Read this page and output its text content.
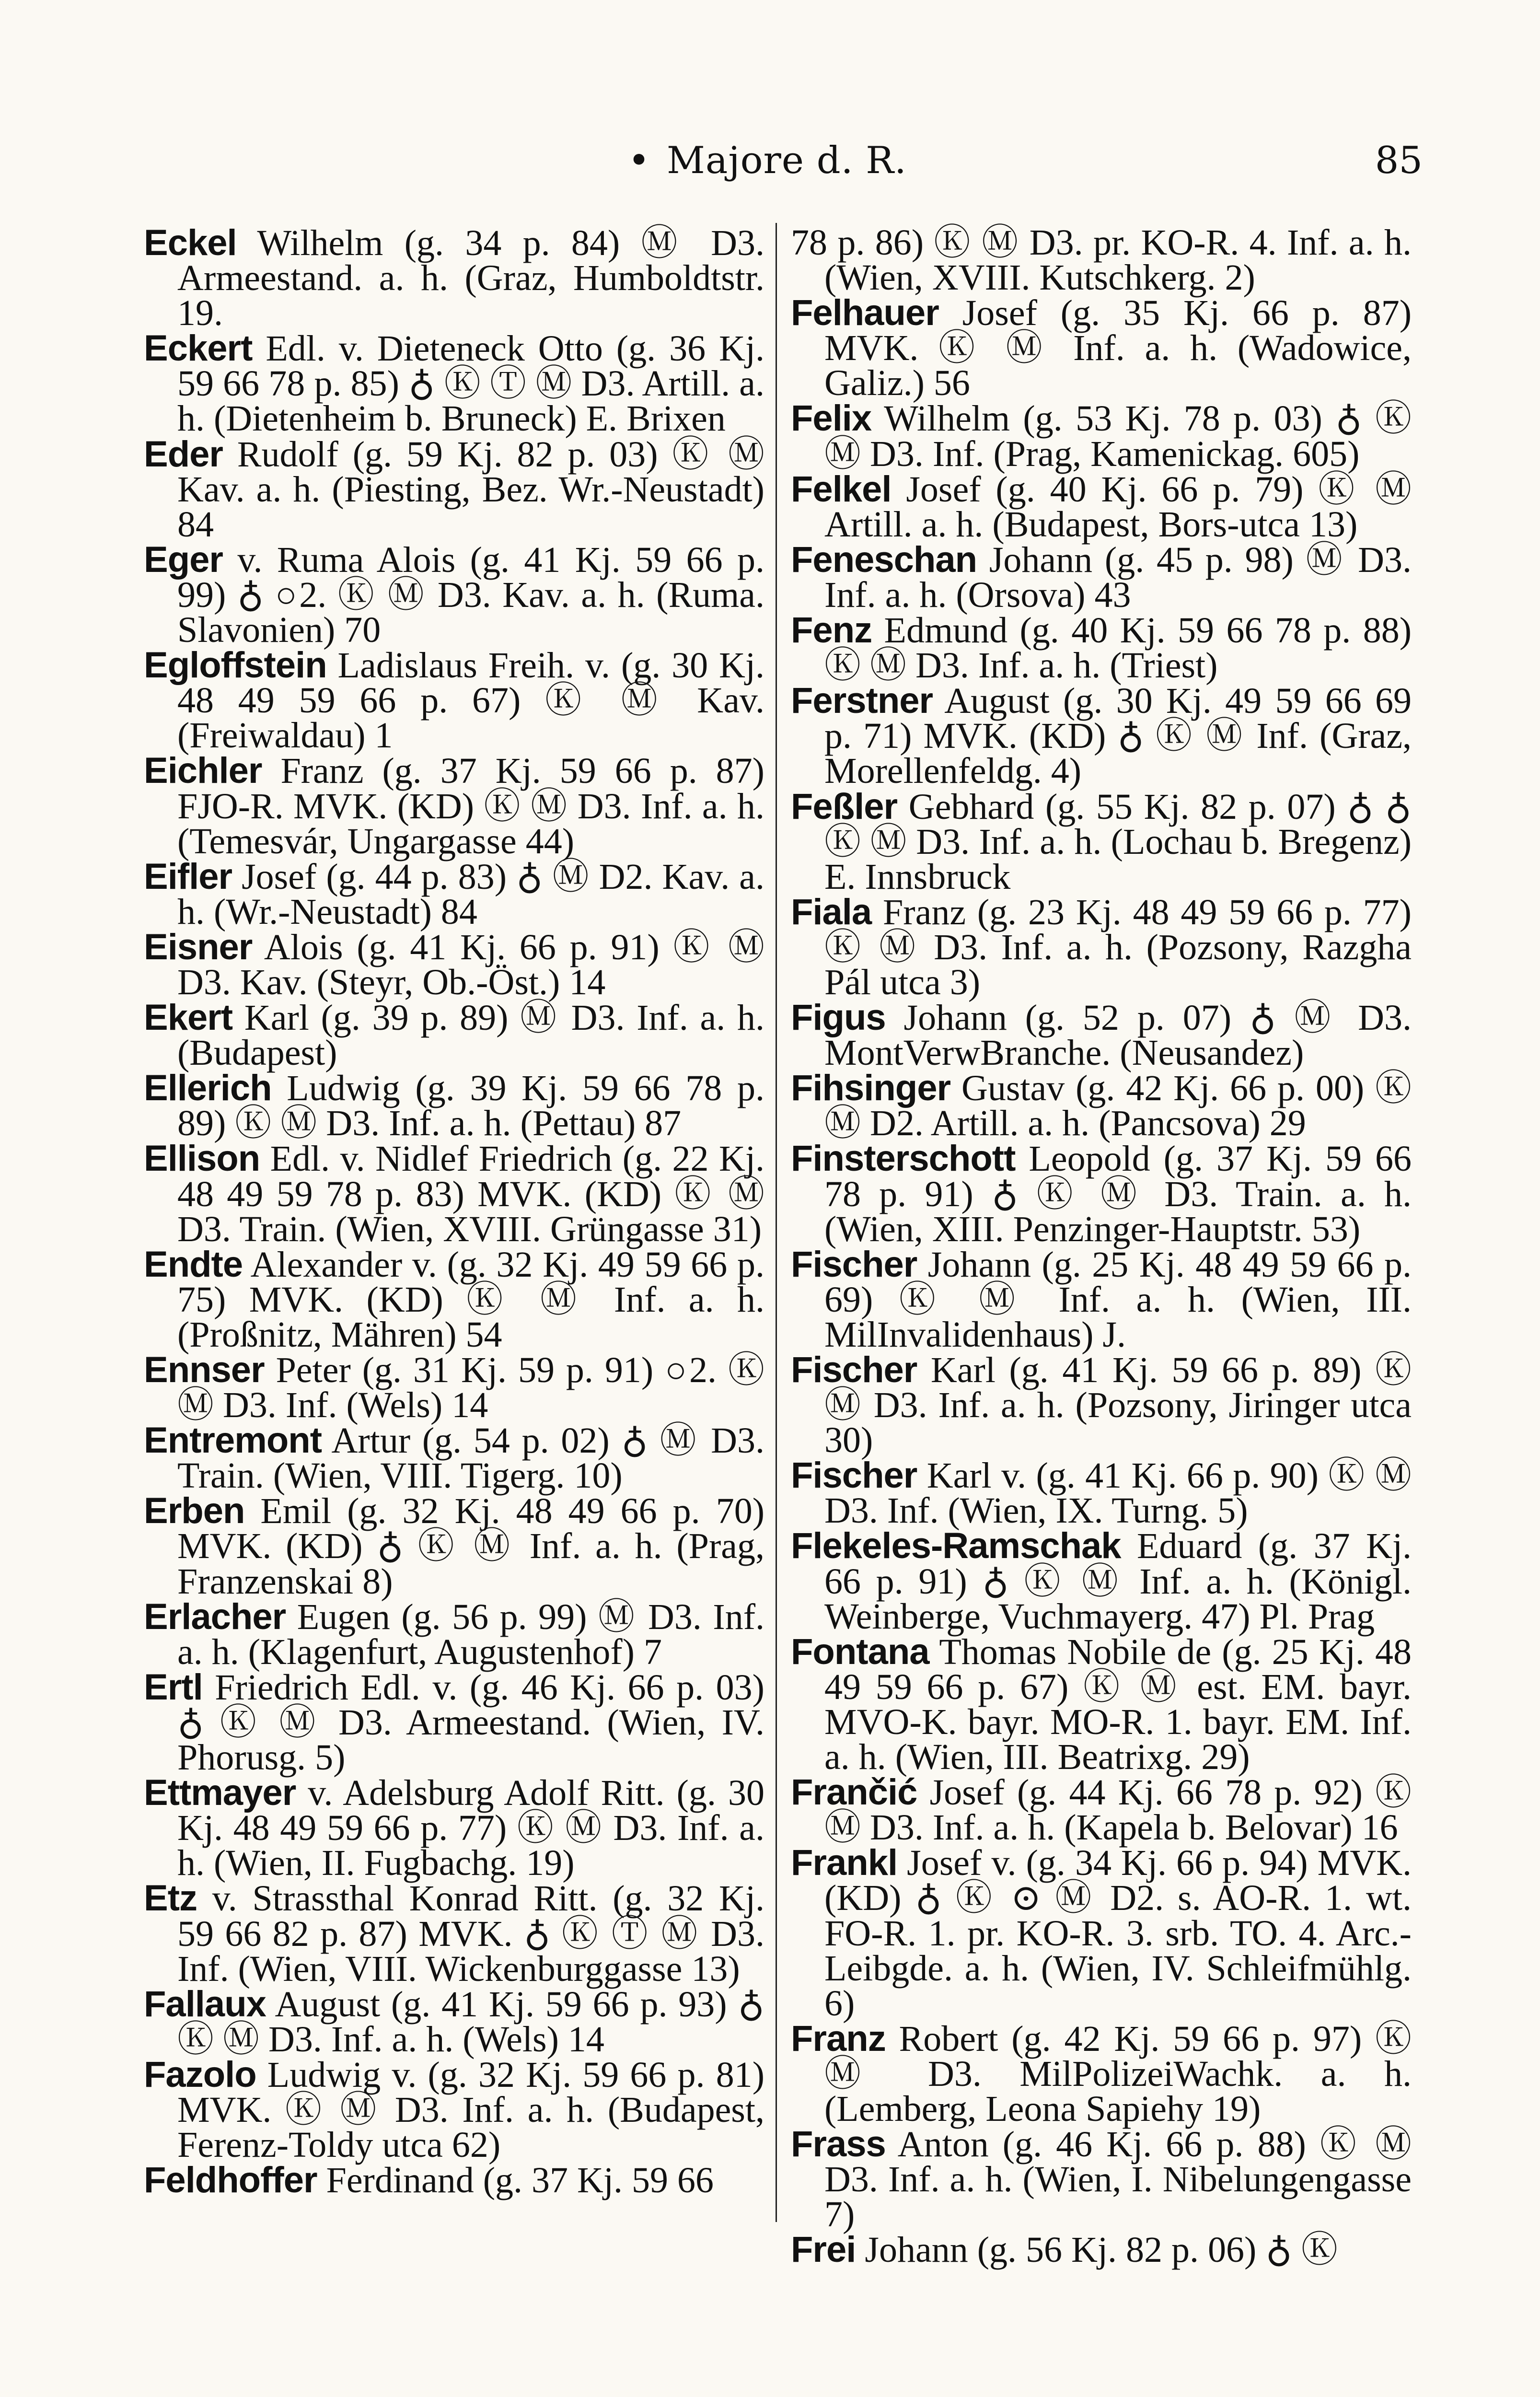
• Majore d. R.	85

Eckel Wilhelm (g. 34 p. 84) Ⓜ D3. Armeestand. a. h. (Graz, Humboldtstr. 19.

Eckert Edl. v. Dieteneck Otto (g. 36 Kj. 59 66 78 p. 85) ♁ Ⓚ Ⓣ Ⓜ D3. Artill. a. h. (Dietenheim b. Bruneck) E. Brixen

Eder Rudolf (g. 59 Kj. 82 p. 03) Ⓚ Ⓜ Kav. a. h. (Piesting, Bez. Wr.-Neustadt) 84

Eger v. Ruma Alois (g. 41 Kj. 59 66 p. 99) ♁ ○2. Ⓚ Ⓜ D3. Kav. a. h. (Ruma. Slavonien) 70

Egloffstein Ladislaus Freih. v. (g. 30 Kj. 48 49 59 66 p. 67) Ⓚ Ⓜ Kav. (Freiwaldau) 1

Eichler Franz (g. 37 Kj. 59 66 p. 87) FJO-R. MVK. (KD) Ⓚ Ⓜ D3. Inf. a. h. (Temesvár, Ungargasse 44)

Eifler Josef (g. 44 p. 83) ♁ Ⓜ D2. Kav. a. h. (Wr.-Neustadt) 84

Eisner Alois (g. 41 Kj. 66 p. 91) Ⓚ Ⓜ D3. Kav. (Steyr, Ob.-Öst.) 14

Ekert Karl (g. 39 p. 89) Ⓜ D3. Inf. a. h. (Budapest)

Ellerich Ludwig (g. 39 Kj. 59 66 78 p. 89) Ⓚ Ⓜ D3. Inf. a. h. (Pettau) 87

Ellison Edl. v. Nidlef Friedrich (g. 22 Kj. 48 49 59 78 p. 83) MVK. (KD) Ⓚ Ⓜ D3. Train. (Wien, XVIII. Grüngasse 31)

Endte Alexander v. (g. 32 Kj. 49 59 66 p. 75) MVK. (KD) Ⓚ Ⓜ Inf. a. h. (Proßnitz, Mähren) 54

Ennser Peter (g. 31 Kj. 59 p. 91) ○2. Ⓚ Ⓜ D3. Inf. (Wels) 14

Entremont Artur (g. 54 p. 02) ♁ Ⓜ D3. Train. (Wien, VIII. Tigerg. 10)

Erben Emil (g. 32 Kj. 48 49 66 p. 70) MVK. (KD) ♁ Ⓚ Ⓜ Inf. a. h. (Prag, Franzenskai 8)

Erlacher Eugen (g. 56 p. 99) Ⓜ D3. Inf. a. h. (Klagenfurt, Augustenhof) 7

Ertl Friedrich Edl. v. (g. 46 Kj. 66 p. 03) ♁ Ⓚ Ⓜ D3. Armeestand. (Wien, IV. Phorusg. 5)

Ettmayer v. Adelsburg Adolf Ritt. (g. 30 Kj. 48 49 59 66 p. 77) Ⓚ Ⓜ D3. Inf. a. h. (Wien, II. Fugbachg. 19)

Etz v. Strassthal Konrad Ritt. (g. 32 Kj. 59 66 82 p. 87) MVK. ♁ Ⓚ Ⓣ Ⓜ D3. Inf. (Wien, VIII. Wickenburggasse 13)

Fallaux August (g. 41 Kj. 59 66 p. 93) ♁ Ⓚ Ⓜ D3. Inf. a. h. (Wels) 14

Fazolo Ludwig v. (g. 32 Kj. 59 66 p. 81) MVK. Ⓚ Ⓜ D3. Inf. a. h. (Budapest, Ferenz-Toldy utca 62)

Feldhoffer Ferdinand (g. 37 Kj. 59 66

78 p. 86) Ⓚ Ⓜ D3. pr. KO-R. 4. Inf. a. h. (Wien, XVIII. Kutschkerg. 2)

Felhauer Josef (g. 35 Kj. 66 p. 87) MVK. Ⓚ Ⓜ Inf. a. h. (Wadowice, Galiz.) 56

Felix Wilhelm (g. 53 Kj. 78 p. 03) ♁ Ⓚ Ⓜ D3. Inf. (Prag, Kamenickag. 605)

Felkel Josef (g. 40 Kj. 66 p. 79) Ⓚ Ⓜ Artill. a. h. (Budapest, Bors-utca 13)

Feneschan Johann (g. 45 p. 98) Ⓜ D3. Inf. a. h. (Orsova) 43

Fenz Edmund (g. 40 Kj. 59 66 78 p. 88) Ⓚ Ⓜ D3. Inf. a. h. (Triest)

Ferstner August (g. 30 Kj. 49 59 66 69 p. 71) MVK. (KD) ♁ Ⓚ Ⓜ Inf. (Graz, Morellenfeldg. 4)

Feßler Gebhard (g. 55 Kj. 82 p. 07) ♁ ♁ Ⓚ Ⓜ D3. Inf. a. h. (Lochau b. Bregenz) E. Innsbruck

Fiala Franz (g. 23 Kj. 48 49 59 66 p. 77) Ⓚ Ⓜ D3. Inf. a. h. (Pozsony, Razgha Pál utca 3)

Figus Johann (g. 52 p. 07) ♁ Ⓜ D3. MontVerwBranche. (Neusandez)

Fihsinger Gustav (g. 42 Kj. 66 p. 00) Ⓚ Ⓜ D2. Artill. a. h. (Pancsova) 29

Finsterschott Leopold (g. 37 Kj. 59 66 78 p. 91) ♁ Ⓚ Ⓜ D3. Train. a. h. (Wien, XIII. Penzinger-Hauptstr. 53)

Fischer Johann (g. 25 Kj. 48 49 59 66 p. 69) Ⓚ Ⓜ Inf. a. h. (Wien, III. MilInvalidenhaus) J.

Fischer Karl (g. 41 Kj. 59 66 p. 89) Ⓚ Ⓜ D3. Inf. a. h. (Pozsony, Jiringer utca 30)

Fischer Karl v. (g. 41 Kj. 66 p. 90) Ⓚ Ⓜ D3. Inf. (Wien, IX. Turng. 5)

Flekeles-Ramschak Eduard (g. 37 Kj. 66 p. 91) ♁ Ⓚ Ⓜ Inf. a. h. (Königl. Weinberge, Vuchmayerg. 47) Pl. Prag

Fontana Thomas Nobile de (g. 25 Kj. 48 49 59 66 p. 67) Ⓚ Ⓜ est. EM. bayr. MVO-K. bayr. MO-R. 1. bayr. EM. Inf. a. h. (Wien, III. Beatrixg. 29)

Frančić Josef (g. 44 Kj. 66 78 p. 92) Ⓚ Ⓜ D3. Inf. a. h. (Kapela b. Belovar) 16

Frankl Josef v. (g. 34 Kj. 66 p. 94) MVK. (KD) ♁ Ⓚ ⊙ Ⓜ D2. s. AO-R. 1. wt. FO-R. 1. pr. KO-R. 3. srb. TO. 4. Arc.-Leibgde. a. h. (Wien, IV. Schleifmühlg. 6)

Franz Robert (g. 42 Kj. 59 66 p. 97) Ⓚ Ⓜ D3. MilPolizeiWachk. a. h. (Lemberg, Leona Sapiehy 19)

Frass Anton (g. 46 Kj. 66 p. 88) Ⓚ Ⓜ D3. Inf. a. h. (Wien, I. Nibelungengasse 7)

Frei Johann (g. 56 Kj. 82 p. 06) ♁ Ⓚ
